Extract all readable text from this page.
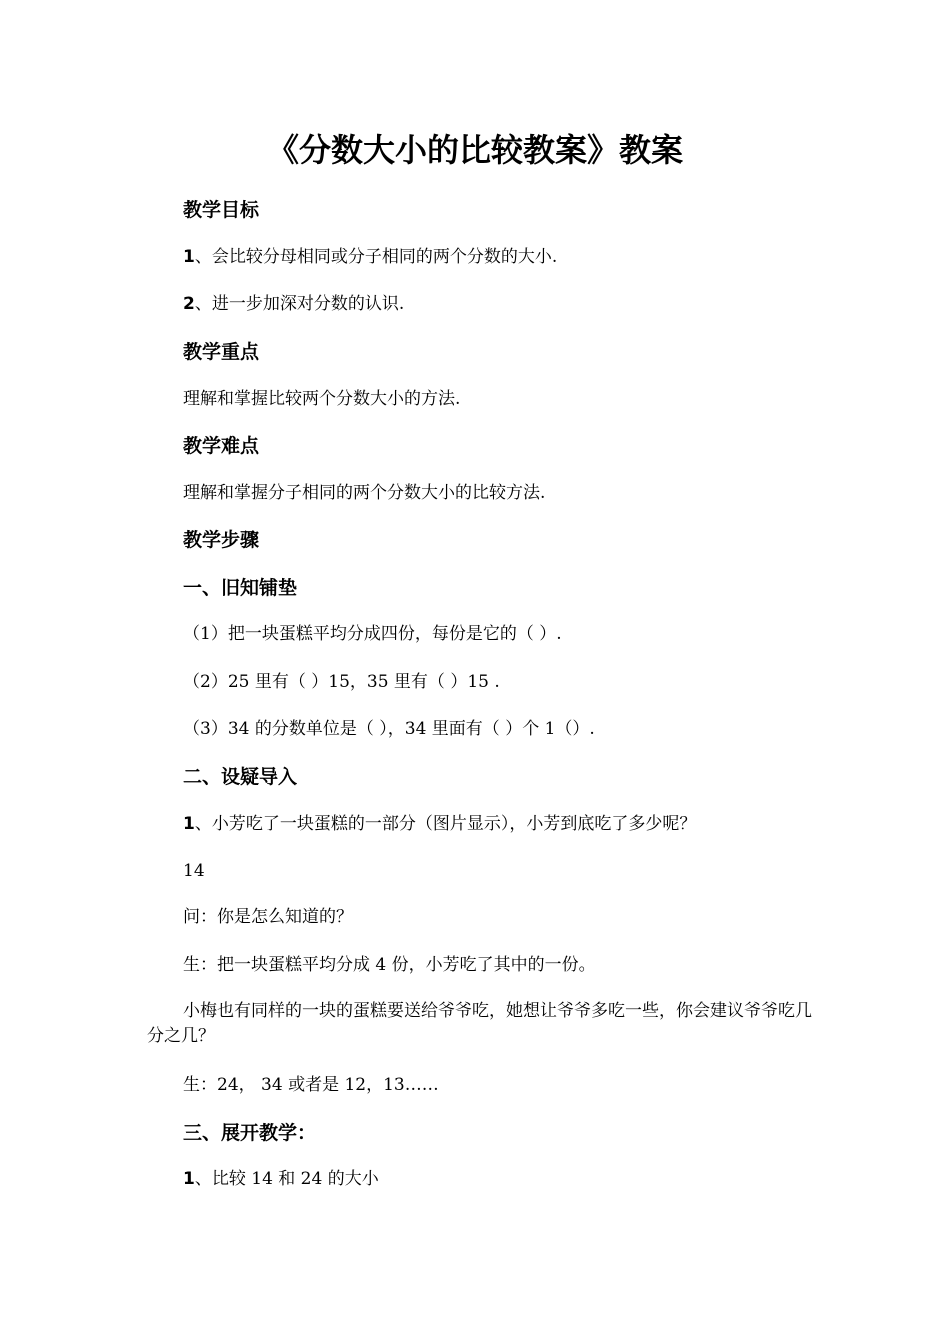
《分数大小的比较教案》教案
教学目标
1、会比较分母相同或分子相同的两个分数的大小.
2、进一步加深对分数的认识.
教学重点
理解和掌握比较两个分数大小的方法.
教学难点
理解和掌握分子相同的两个分数大小的比较方法.
教学步骤
一、旧知铺垫
（1）把一块蛋糕平均分成四份，每份是它的（ ）.
（2）25 里有（ ）15，35 里有（ ）15 .
（3）34 的分数单位是（ ），34 里面有（ ）个 1（）.
二、设疑导入
1、小芳吃了一块蛋糕的一部分（图片显示），小芳到底吃了多少呢？
14
问：你是怎么知道的？
生：把一块蛋糕平均分成 4 份，小芳吃了其中的一份。
小梅也有同样的一块的蛋糕要送给爷爷吃，她想让爷爷多吃一些，你会建议爷爷吃几分之几？
生：24， 34 或者是 12，13……
三、展开教学：
1、比较 14 和 24 的大小
